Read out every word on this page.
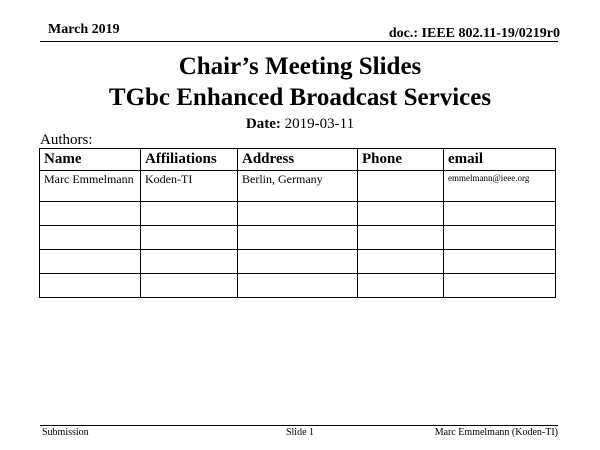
March 2019	doc.: IEEE 802.11-19/0219r0
Chair’s Meeting Slides
TGbc Enhanced Broadcast Services
Date: 2019-03-11
Authors:
Name	Affiliations	Address	Phone	email
Marc Emmelmann	Koden-TI	Berlin, Germany		emmelmann@ieee.org

Submission	Slide 1	Marc Emmelmann (Koden-TI)
